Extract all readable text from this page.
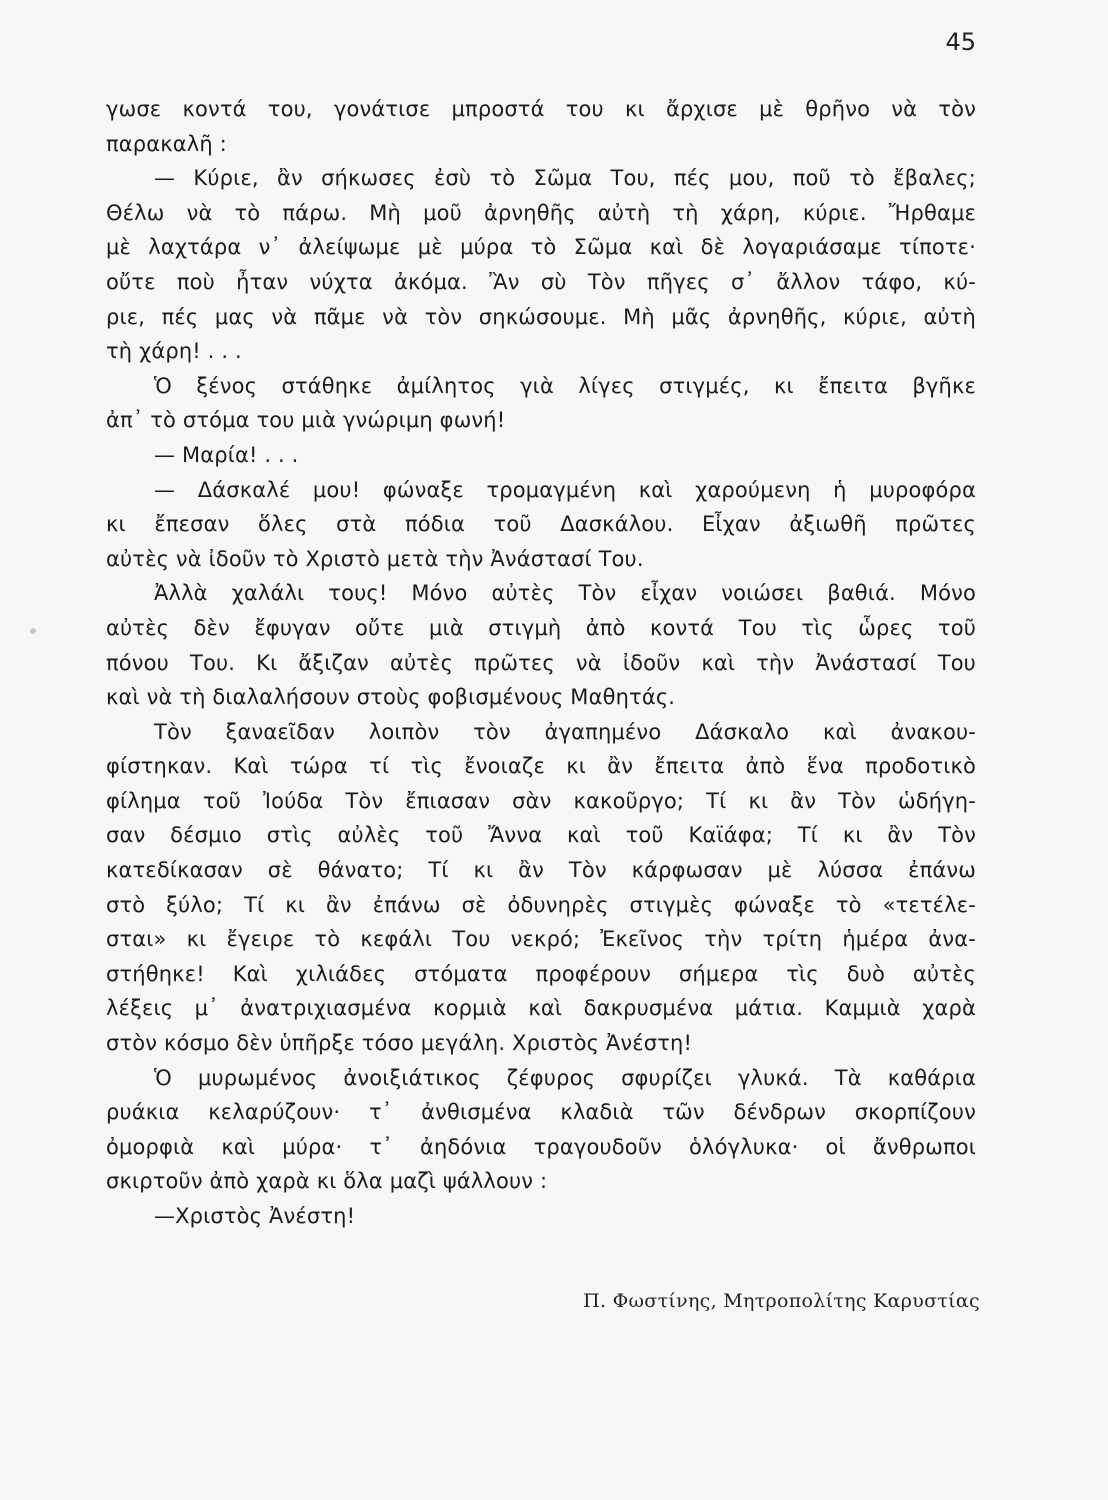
45
γωσε κοντά του, γονάτισε μπροστά του κι ἄρχισε μὲ θρῆνο νὰ τὸν
παρακαλῆ :
— Κύριε, ἂν σήκωσες ἐσὺ τὸ Σῶμα Του, πές μου, ποῦ τὸ ἔβαλες;
Θέλω νὰ τὸ πάρω. Μὴ μοῦ ἀρνηθῆς αὐτὴ τὴ χάρη, κύριε. Ἤρθαμε
μὲ λαχτάρα ν᾽ ἀλείψωμε μὲ μύρα τὸ Σῶμα καὶ δὲ λογαριάσαμε τίποτε·
οὔτε ποὺ ἦταν νύχτα ἀκόμα. Ἂν σὺ Τὸν πῆγες σ᾽ ἄλλον τάφο, κύ-
ριε, πές μας νὰ πᾶμε νὰ τὸν σηκώσουμε. Μὴ μᾶς ἀρνηθῆς, κύριε, αὐτὴ
τὴ χάρη! . . .
Ὁ ξένος στάθηκε ἀμίλητος γιὰ λίγες στιγμές, κι ἔπειτα βγῆκε
ἀπ᾽ τὸ στόμα του μιὰ γνώριμη φωνή!
— Μαρία! . . .
— Δάσκαλέ μου! φώναξε τρομαγμένη καὶ χαρούμενη ἡ μυροφόρα
κι ἔπεσαν ὅλες στὰ πόδια τοῦ Δασκάλου. Εἶχαν ἀξιωθῆ πρῶτες
αὐτὲς νὰ ἰδοῦν τὸ Χριστὸ μετὰ τὴν Ἀνάστασί Του.
Ἀλλὰ χαλάλι τους! Μόνο αὐτὲς Τὸν εἶχαν νοιώσει βαθιά. Μόνο
αὐτὲς δὲν ἔφυγαν οὔτε μιὰ στιγμὴ ἀπὸ κοντά Του τὶς ὧρες τοῦ
πόνου Του. Κι ἄξιζαν αὐτὲς πρῶτες νὰ ἰδοῦν καὶ τὴν Ἀνάστασί Του
καὶ νὰ τὴ διαλαλήσουν στοὺς φοβισμένους Μαθητάς.
Τὸν ξαναεῖδαν λοιπὸν τὸν ἀγαπημένο Δάσκαλο καὶ ἀνακου-
φίστηκαν. Καὶ τώρα τί τὶς ἔνοιαζε κι ἂν ἔπειτα ἀπὸ ἕνα προδοτικὸ
φίλημα τοῦ Ἰούδα Τὸν ἔπιασαν σὰν κακοῦργο; Τί κι ἂν Τὸν ὡδήγη-
σαν δέσμιο στὶς αὐλὲς τοῦ Ἄννα καὶ τοῦ Καϊάφα; Τί κι ἂν Τὸν
κατεδίκασαν σὲ θάνατο; Τί κι ἂν Τὸν κάρφωσαν μὲ λύσσα ἐπάνω
στὸ ξύλο; Τί κι ἂν ἐπάνω σὲ ὀδυνηρὲς στιγμὲς φώναξε τὸ «τετέλε-
σται» κι ἔγειρε τὸ κεφάλι Του νεκρό; Ἐκεῖνος τὴν τρίτη ἡμέρα ἀνα-
στήθηκε! Καὶ χιλιάδες στόματα προφέρουν σήμερα τὶς δυὸ αὐτὲς
λέξεις μ᾽ ἀνατριχιασμένα κορμιὰ καὶ δακρυσμένα μάτια. Καμμιὰ χαρὰ
στὸν κόσμο δὲν ὑπῆρξε τόσο μεγάλη. Χριστὸς Ἀνέστη!
Ὁ μυρωμένος ἀνοιξιάτικος ζέφυρος σφυρίζει γλυκά. Τὰ καθάρια
ρυάκια κελαρύζουν· τ᾽ ἀνθισμένα κλαδιὰ τῶν δένδρων σκορπίζουν
ὀμορφιὰ καὶ μύρα· τ᾽ ἀηδόνια τραγουδοῦν ὁλόγλυκα· οἱ ἄνθρωποι
σκιρτοῦν ἀπὸ χαρὰ κι ὅλα μαζὶ ψάλλουν :
—Χριστὸς Ἀνέστη!
Π. Φωστίνης, Μητροπολίτης Καρυστίας
